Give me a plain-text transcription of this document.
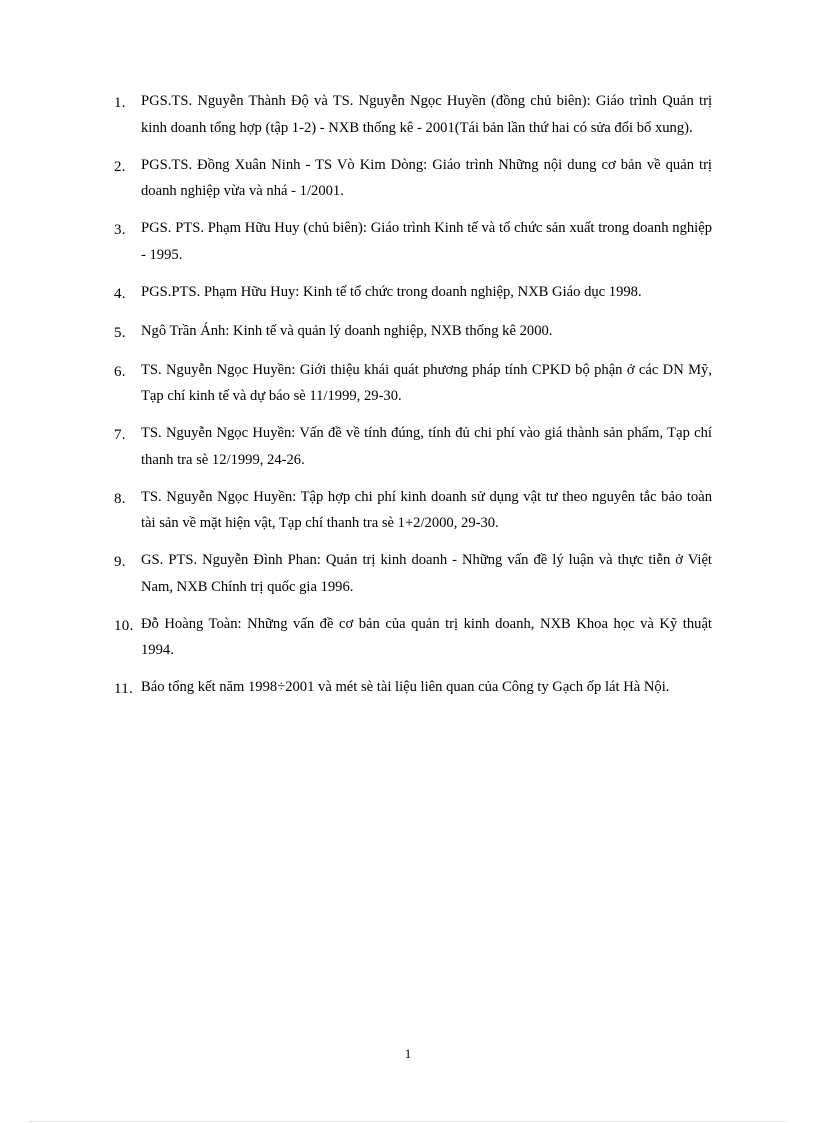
1.	PGS.TS. Nguyễn Thành Độ và TS. Nguyễn Ngọc Huyền (đồng chủ biên): Giáo trình Quản trị kinh doanh tổng hợp (tập 1-2) - NXB thống kê - 2001(Tái bản lần thứ hai có sửa đổi bổ xung).
2.	PGS.TS. Đồng Xuân Ninh - TS Vò Kim Dòng: Giáo trình Những nội dung cơ bản về quản trị doanh nghiệp vừa và nhá - 1/2001.
3.	PGS. PTS. Phạm Hữu Huy (chủ biên): Giáo trình Kinh tế và tổ chức sản xuất trong doanh nghiệp - 1995.
4.	PGS.PTS. Phạm Hữu Huy: Kinh tế tổ chức trong doanh nghiệp, NXB Giáo dục 1998.
5.	Ngô Trần Ánh: Kinh tế và quản lý doanh nghiệp, NXB thống kê 2000.
6.	TS. Nguyễn Ngọc Huyền: Giới thiệu khái quát phương pháp tính CPKD bộ phận ở các DN Mỹ, Tạp chí kinh tế và dự báo sè 11/1999, 29-30.
7.	TS. Nguyễn Ngọc Huyền: Vấn đề về tính đúng, tính đủ chi phí vào giá thành sản phẩm, Tạp chí thanh tra sè 12/1999, 24-26.
8.	TS. Nguyễn Ngọc Huyền: Tập hợp chi phí kinh doanh sử dụng vật tư theo nguyên tắc bảo toàn tài sản về mặt hiện vật, Tạp chí thanh tra sè 1+2/2000, 29-30.
9.	GS. PTS. Nguyễn Đình Phan: Quản trị kinh doanh - Những vấn đề lý luận và thực tiễn ở Việt Nam, NXB Chính trị quốc gia 1996.
10. Đỗ Hoàng Toàn: Những vấn đề cơ bản của quản trị kinh doanh, NXB Khoa học và Kỹ thuật 1994.
11. Báo tổng kết năm 1998÷2001 và mét sè tài liệu liên quan của Công ty Gạch ốp lát Hà Nội.
1
